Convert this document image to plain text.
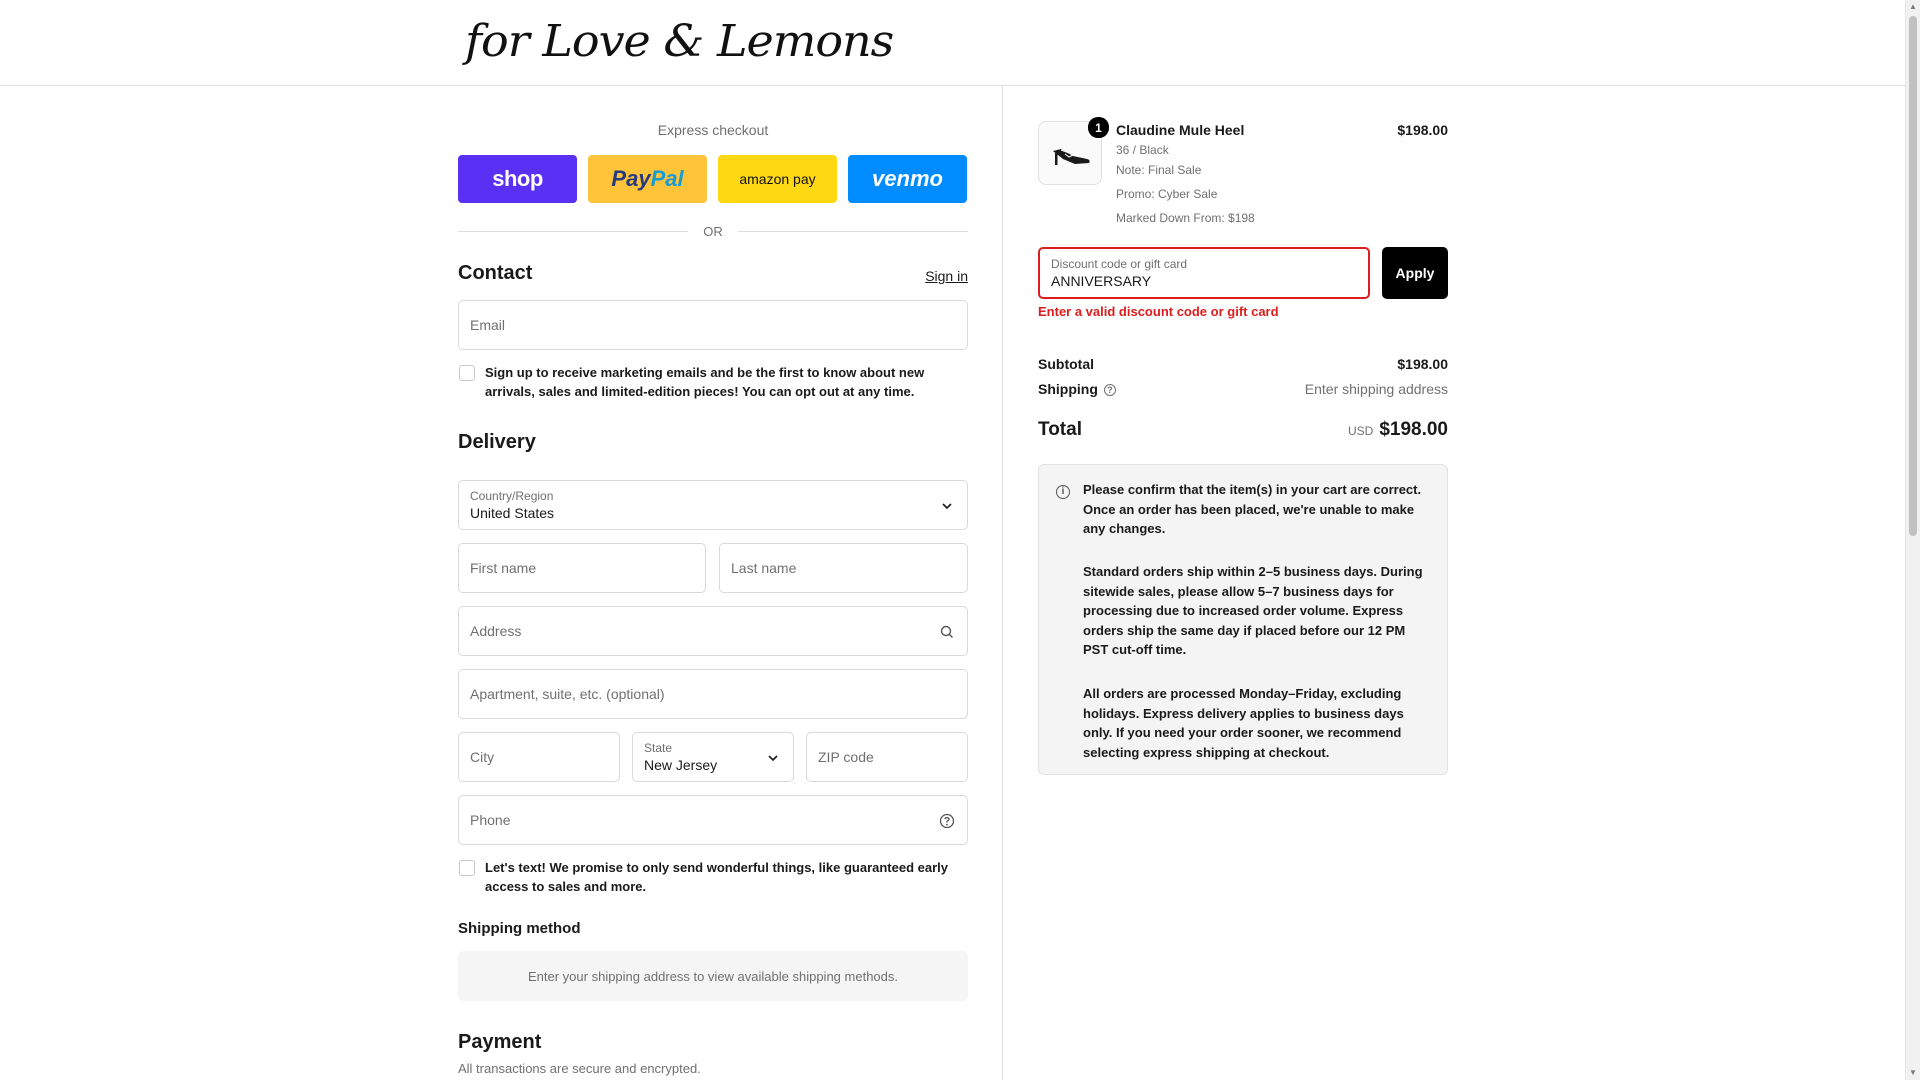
for Love & Lemons
Express checkout
shop	Pay Pal	amazon pay	venmo
OR
Contact	Sign in
Email
Sign up to receive marketing emails and be the first to know about new arrivals, sales and limited-edition pieces! You can opt out at any time.
Delivery
Country/Region
United States
First name	Last name
Address
Apartment, suite, etc. (optional)
City
State
New Jersey	ZIP code
Phone
Let's text! We promise to only send wonderful things, like guaranteed early access to sales and more.
Shipping method
Enter your shipping address to view available shipping methods.
Payment
All transactions are secure and encrypted.
1	Claudine Mule Heel
36 / Black
Note: Final Sale
Promo: Cyber Sale
Marked Down From: $198
$198.00
Discount code or gift card
ANNIVERSARY	Apply
Enter a valid discount code or gift card
Subtotal	$198.00
Shipping ?	Enter shipping address
Total	USD $198.00
i	Please confirm that the item(s) in your cart are correct. Once an order has been placed, we're unable to make any changes.
Standard orders ship within 2–5 business days. During sitewide sales, please allow 5–7 business days for processing due to increased order volume. Express orders ship the same day if placed before our 12 PM PST cut-off time.
All orders are processed Monday–Friday, excluding holidays. Express delivery applies to business days only. If you need your order sooner, we recommend selecting express shipping at checkout.
▲
▼
